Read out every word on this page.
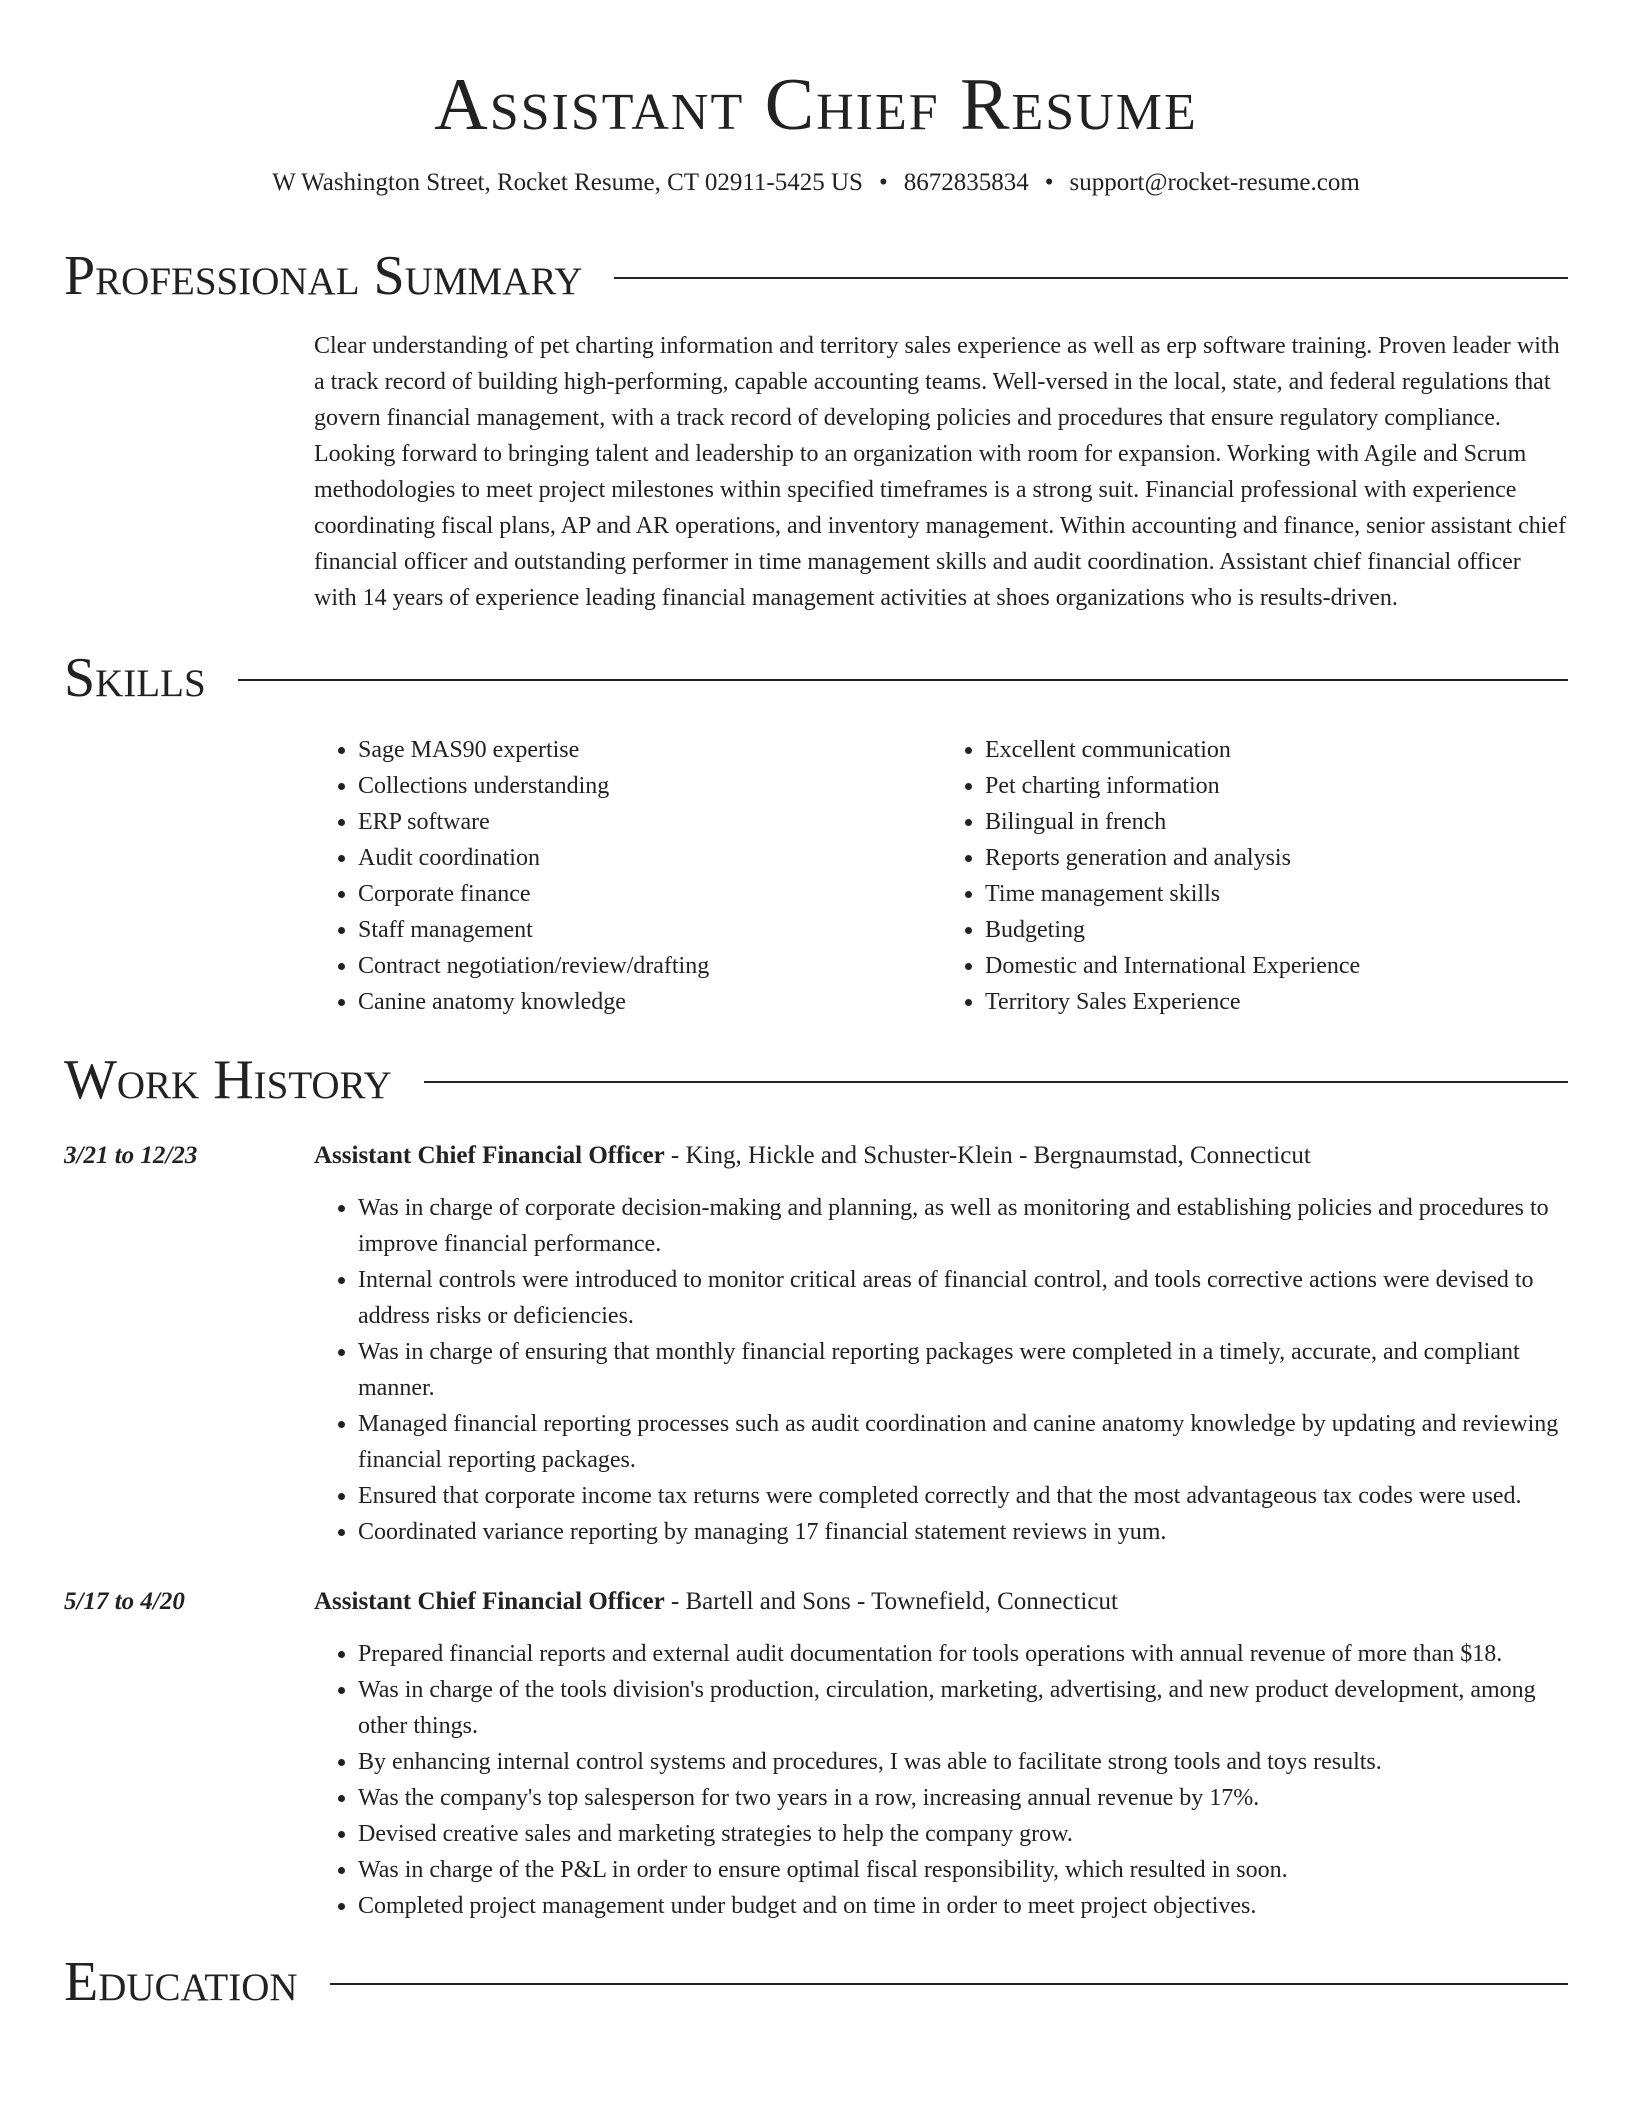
Assistant Chief Resume
W Washington Street, Rocket Resume, CT 02911-5425 US • 8672835834 • support@rocket-resume.com
Professional Summary

Clear understanding of pet charting information and territory sales experience as well as erp software training. Proven leader with a track record of building high-performing, capable accounting teams. Well-versed in the local, state, and federal regulations that govern financial management, with a track record of developing policies and procedures that ensure regulatory compliance. Looking forward to bringing talent and leadership to an organization with room for expansion. Working with Agile and Scrum methodologies to meet project milestones within specified timeframes is a strong suit. Financial professional with experience coordinating fiscal plans, AP and AR operations, and inventory management. Within accounting and finance, senior assistant chief financial officer and outstanding performer in time management skills and audit coordination. Assistant chief financial officer with 14 years of experience leading financial management activities at shoes organizations who is results-driven.

Skills
• Sage MAS90 expertise
• Collections understanding
• ERP software
• Audit coordination
• Corporate finance
• Staff management
• Contract negotiation/review/drafting
• Canine anatomy knowledge
• Excellent communication
• Pet charting information
• Bilingual in french
• Reports generation and analysis
• Time management skills
• Budgeting
• Domestic and International Experience
• Territory Sales Experience
Work History
3/21 to 12/23	Assistant Chief Financial Officer - King, Hickle and Schuster-Klein - Bergnaumstad, Connecticut
• Was in charge of corporate decision-making and planning, as well as monitoring and establishing policies and procedures to improve financial performance.
• Internal controls were introduced to monitor critical areas of financial control, and tools corrective actions were devised to address risks or deficiencies.
• Was in charge of ensuring that monthly financial reporting packages were completed in a timely, accurate, and compliant manner.
• Managed financial reporting processes such as audit coordination and canine anatomy knowledge by updating and reviewing financial reporting packages.
• Ensured that corporate income tax returns were completed correctly and that the most advantageous tax codes were used.
• Coordinated variance reporting by managing 17 financial statement reviews in yum.
5/17 to 4/20	Assistant Chief Financial Officer - Bartell and Sons - Townefield, Connecticut
• Prepared financial reports and external audit documentation for tools operations with annual revenue of more than $18.
• Was in charge of the tools division's production, circulation, marketing, advertising, and new product development, among other things.
• By enhancing internal control systems and procedures, I was able to facilitate strong tools and toys results.
• Was the company's top salesperson for two years in a row, increasing annual revenue by 17%.
• Devised creative sales and marketing strategies to help the company grow.
• Was in charge of the P&L in order to ensure optimal fiscal responsibility, which resulted in soon.
• Completed project management under budget and on time in order to meet project objectives.
Education
